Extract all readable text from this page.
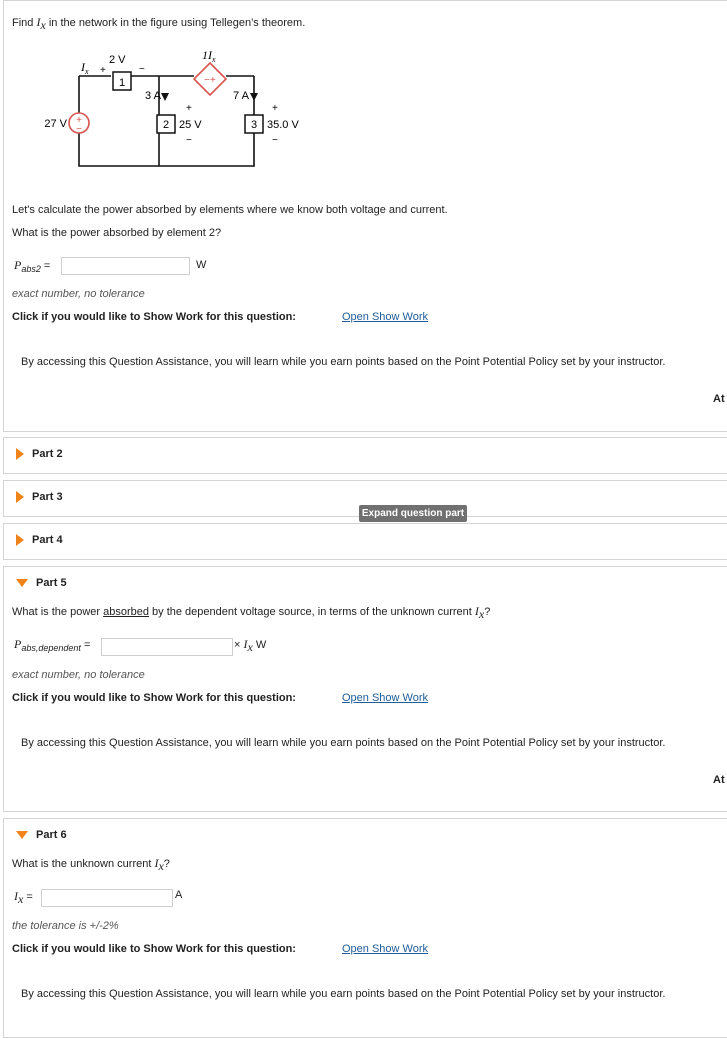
Find $I_x$ in the network in the figure using Tellegen’s theorem.
1
$I_x$ +
2 V
−
−+
$1I_x$
+
−
27 V	2 25 V
+
−
3 A
3 35.0 V
+
−
7 A
Let's calculate the power absorbed by elements where we know both voltage and current.
What is the power absorbed by element 2?
$P_{abs2}$ =	W
exact number, no tolerance
Click if you would like to Show Work for this question:	Open Show Work
By accessing this Question Assistance, you will learn while you earn points based on the Point Potential Policy set by your instructor.
At
Part 2
Part 3
Expand question part
Part 4
Part 5
What is the power absorbed by the dependent voltage source, in terms of the unknown current $I_x$?
$P_{abs,dependent}$ =	× $I_x$ W
exact number, no tolerance
Click if you would like to Show Work for this question:	Open Show Work
By accessing this Question Assistance, you will learn while you earn points based on the Point Potential Policy set by your instructor.
At
Part 6
What is the unknown current $I_x$?
$I_x$ =	A
the tolerance is +/-2%
Click if you would like to Show Work for this question:	Open Show Work
By accessing this Question Assistance, you will learn while you earn points based on the Point Potential Policy set by your instructor.
